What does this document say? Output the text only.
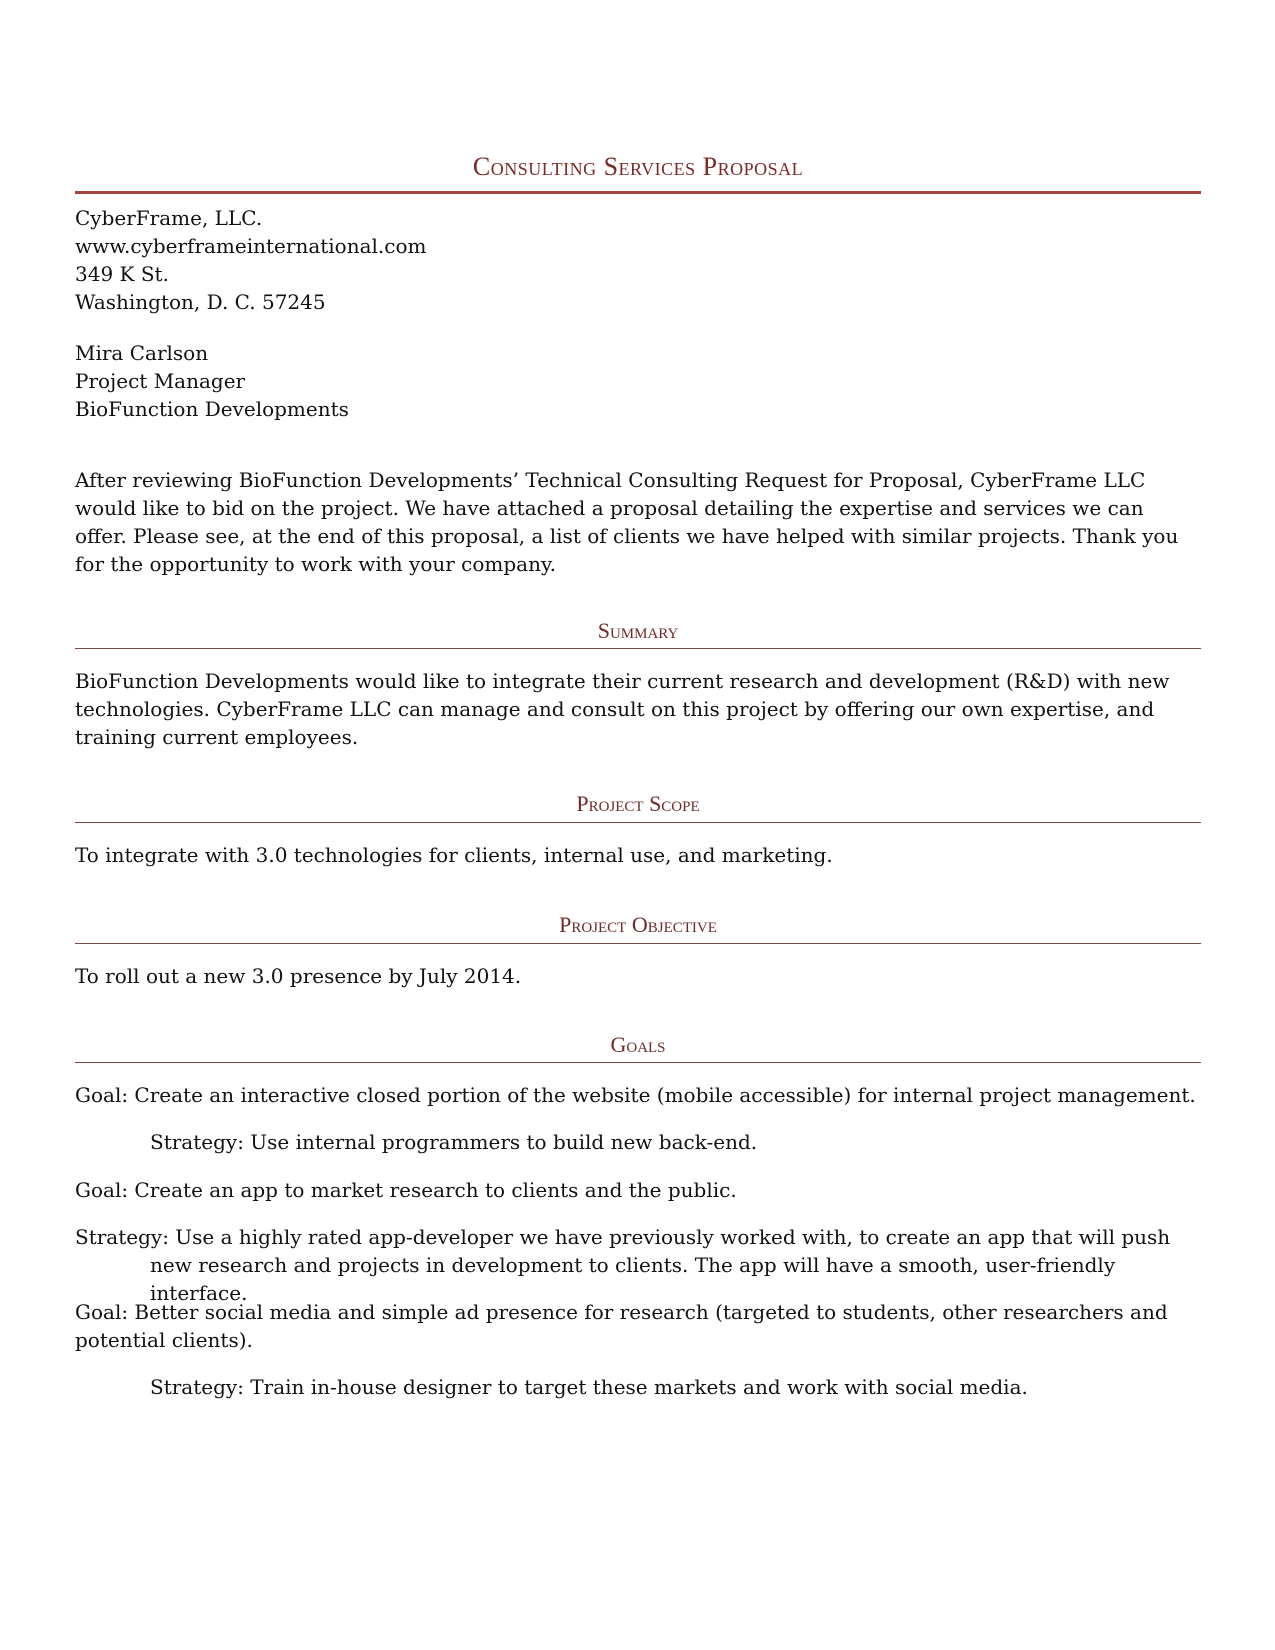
Consulting Services Proposal

CyberFrame, LLC.

www.cyberframeinternational.com

349 K St.

Washington, D. C. 57245

Mira Carlson

Project Manager

BioFunction Developments

After reviewing BioFunction Developments’ Technical Consulting Request for Proposal, CyberFrame LLC would like to bid on the project. We have attached a proposal detailing the expertise and services we can offer. Please see, at the end of this proposal, a list of clients we have helped with similar projects. Thank you for the opportunity to work with your company.

Summary

BioFunction Developments would like to integrate their current research and development (R&D) with new technologies. CyberFrame LLC can manage and consult on this project by offering our own expertise, and training current employees.

Project Scope

To integrate with 3.0 technologies for clients, internal use, and marketing.

Project Objective

To roll out a new 3.0 presence by July 2014.

Goals

Goal: Create an interactive closed portion of the website (mobile accessible) for internal project management.

Strategy: Use internal programmers to build new back-end.

Goal: Create an app to market research to clients and the public.

Strategy: Use a highly rated app-developer we have previously worked with, to create an app that will push new research and projects in development to clients. The app will have a smooth, user-friendly interface.

Goal: Better social media and simple ad presence for research (targeted to students, other researchers and potential clients).

Strategy: Train in-house designer to target these markets and work with social media.
